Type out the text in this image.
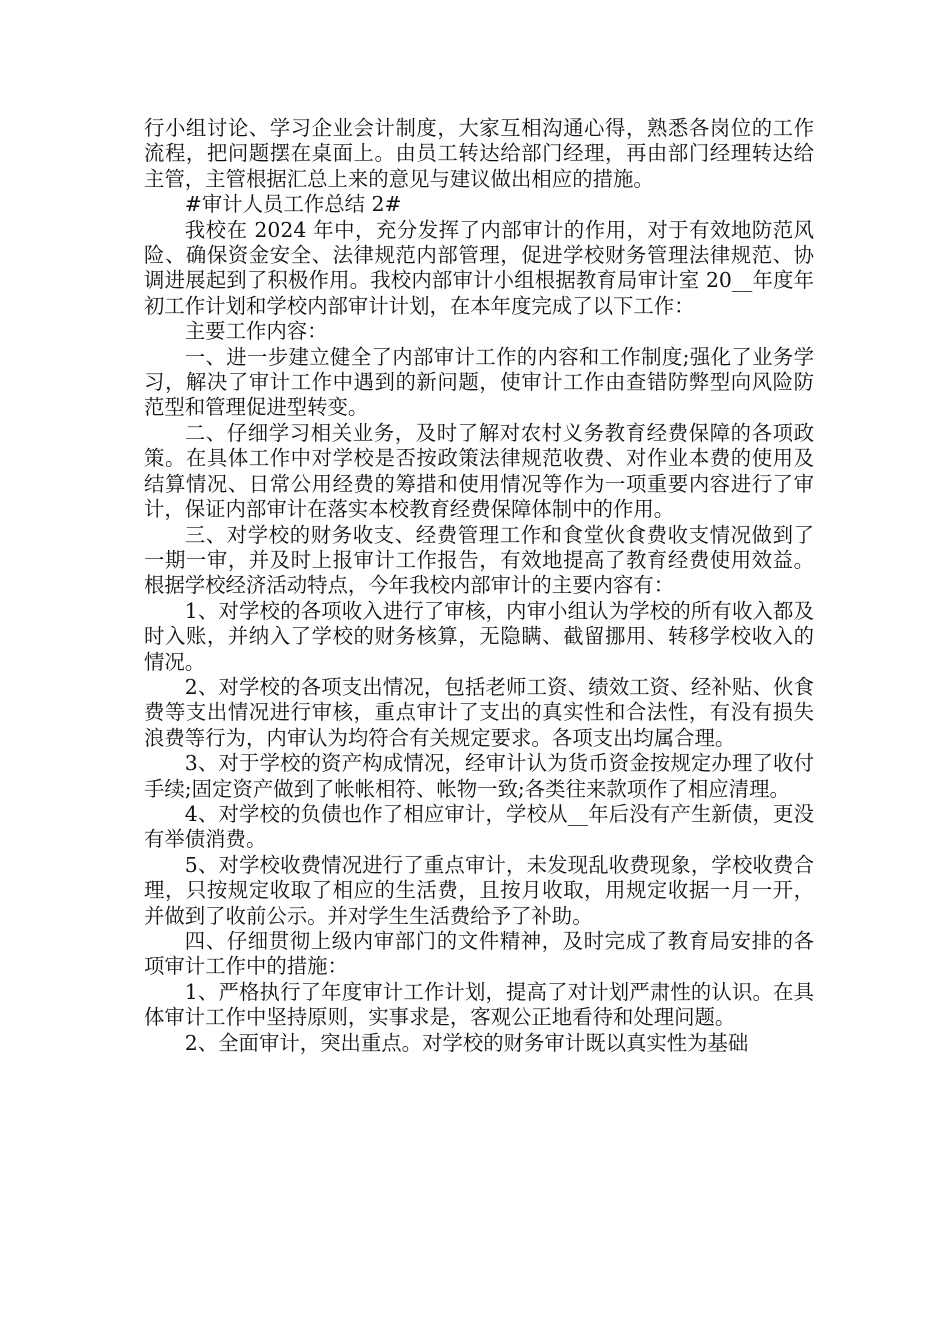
行小组讨论、学习企业会计制度，大家互相沟通心得，熟悉各岗位的工作流程，把问题摆在桌面上。由员工转达给部门经理，再由部门经理转达给主管，主管根据汇总上来的意见与建议做出相应的措施。

#审计人员工作总结 2#

我校在 2024 年中，充分发挥了内部审计的作用，对于有效地防范风险、确保资金安全、法律规范内部管理，促进学校财务管理法律规范、协调进展起到了积极作用。我校内部审计小组根据教育局审计室 20__年度年初工作计划和学校内部审计计划，在本年度完成了以下工作：

主要工作内容：

一、进一步建立健全了内部审计工作的内容和工作制度;强化了业务学习，解决了审计工作中遇到的新问题，使审计工作由查错防弊型向风险防范型和管理促进型转变。

二、仔细学习相关业务，及时了解对农村义务教育经费保障的各项政策。在具体工作中对学校是否按政策法律规范收费、对作业本费的使用及结算情况、日常公用经费的筹措和使用情况等作为一项重要内容进行了审计，保证内部审计在落实本校教育经费保障体制中的作用。

三、对学校的财务收支、经费管理工作和食堂伙食费收支情况做到了一期一审，并及时上报审计工作报告，有效地提高了教育经费使用效益。根据学校经济活动特点，今年我校内部审计的主要内容有：

1、对学校的各项收入进行了审核，内审小组认为学校的所有收入都及时入账，并纳入了学校的财务核算，无隐瞒、截留挪用、转移学校收入的情况。

2、对学校的各项支出情况，包括老师工资、绩效工资、经补贴、伙食费等支出情况进行审核，重点审计了支出的真实性和合法性，有没有损失浪费等行为，内审认为均符合有关规定要求。各项支出均属合理。

3、对于学校的资产构成情况，经审计认为货币资金按规定办理了收付手续;固定资产做到了帐帐相符、帐物一致;各类往来款项作了相应清理。

4、对学校的负债也作了相应审计，学校从__年后没有产生新债，更没有举债消费。

5、对学校收费情况进行了重点审计，未发现乱收费现象，学校收费合理，只按规定收取了相应的生活费，且按月收取，用规定收据一月一开，并做到了收前公示。并对学生生活费给予了补助。

四、仔细贯彻上级内审部门的文件精神，及时完成了教育局安排的各项审计工作中的措施：

1、严格执行了年度审计工作计划，提高了对计划严肃性的认识。在具体审计工作中坚持原则，实事求是，客观公正地看待和处理问题。

2、全面审计，突出重点。对学校的财务审计既以真实性为基础
